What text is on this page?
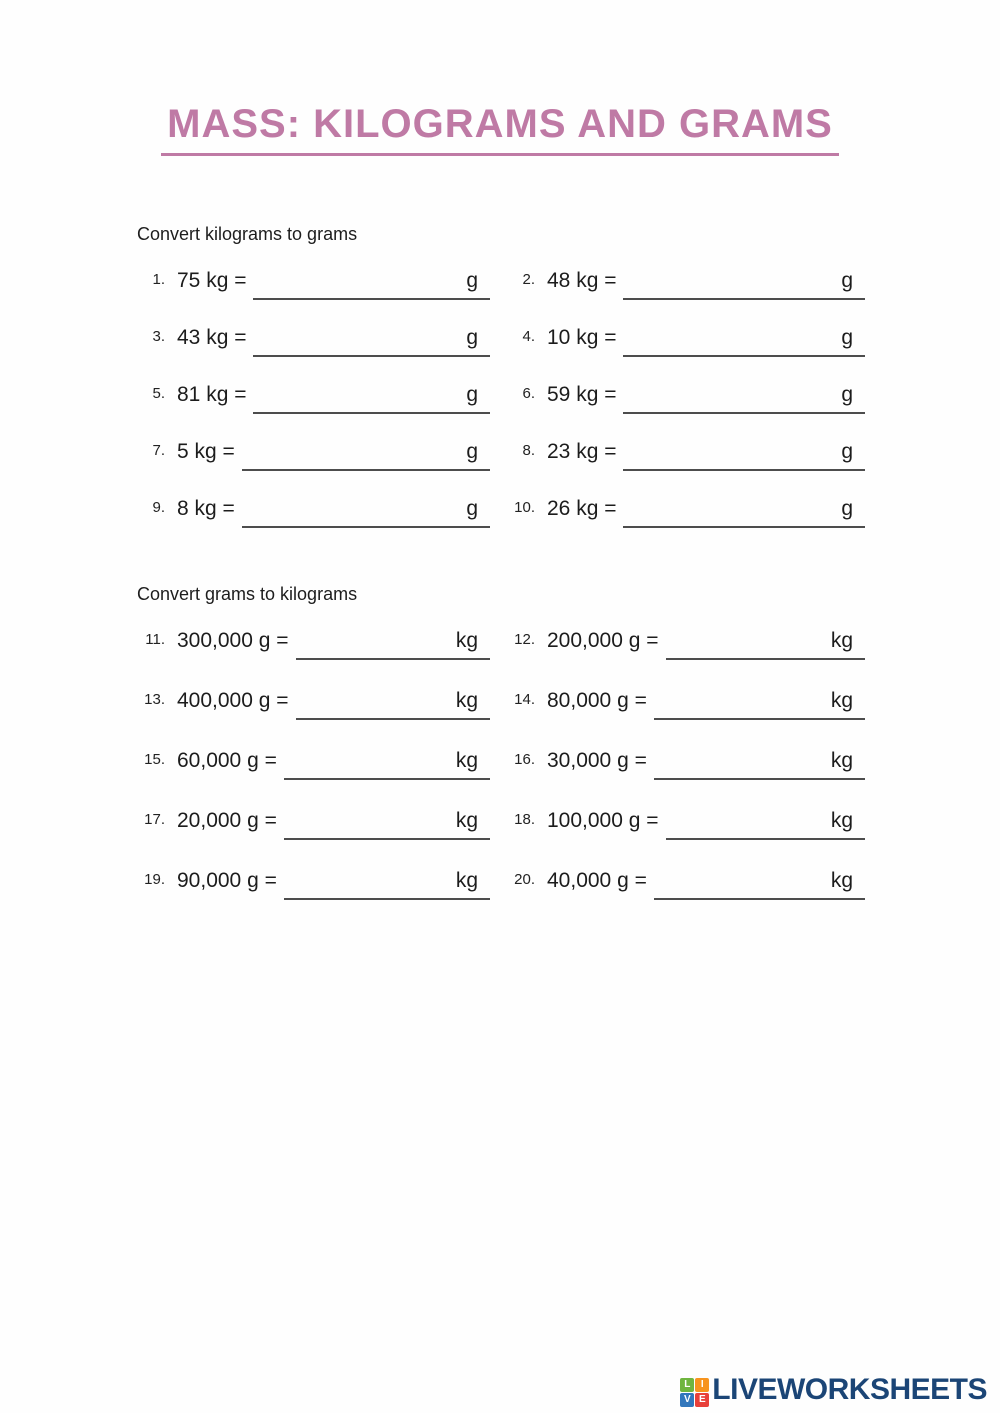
MASS: KILOGRAMS AND GRAMS
Convert kilograms to grams
1. 75 kg =	g	2. 48 kg =	g
3. 43 kg =	g	4. 10 kg =	g
5. 81 kg =	g	6. 59 kg =	g
7. 5 kg =	g	8. 23 kg =	g
9. 8 kg =	g	10. 26 kg =	g
Convert grams to kilograms
11. 300,000 g =	kg	12. 200,000 g =	kg
13. 400,000 g =	kg	14. 80,000 g =	kg
15. 60,000 g =	kg	16. 30,000 g =	kg
17. 20,000 g =	kg	18. 100,000 g =	kg
19. 90,000 g =	kg	20. 40,000 g =	kg
L	I
V E LIVEWORKSHEETS
